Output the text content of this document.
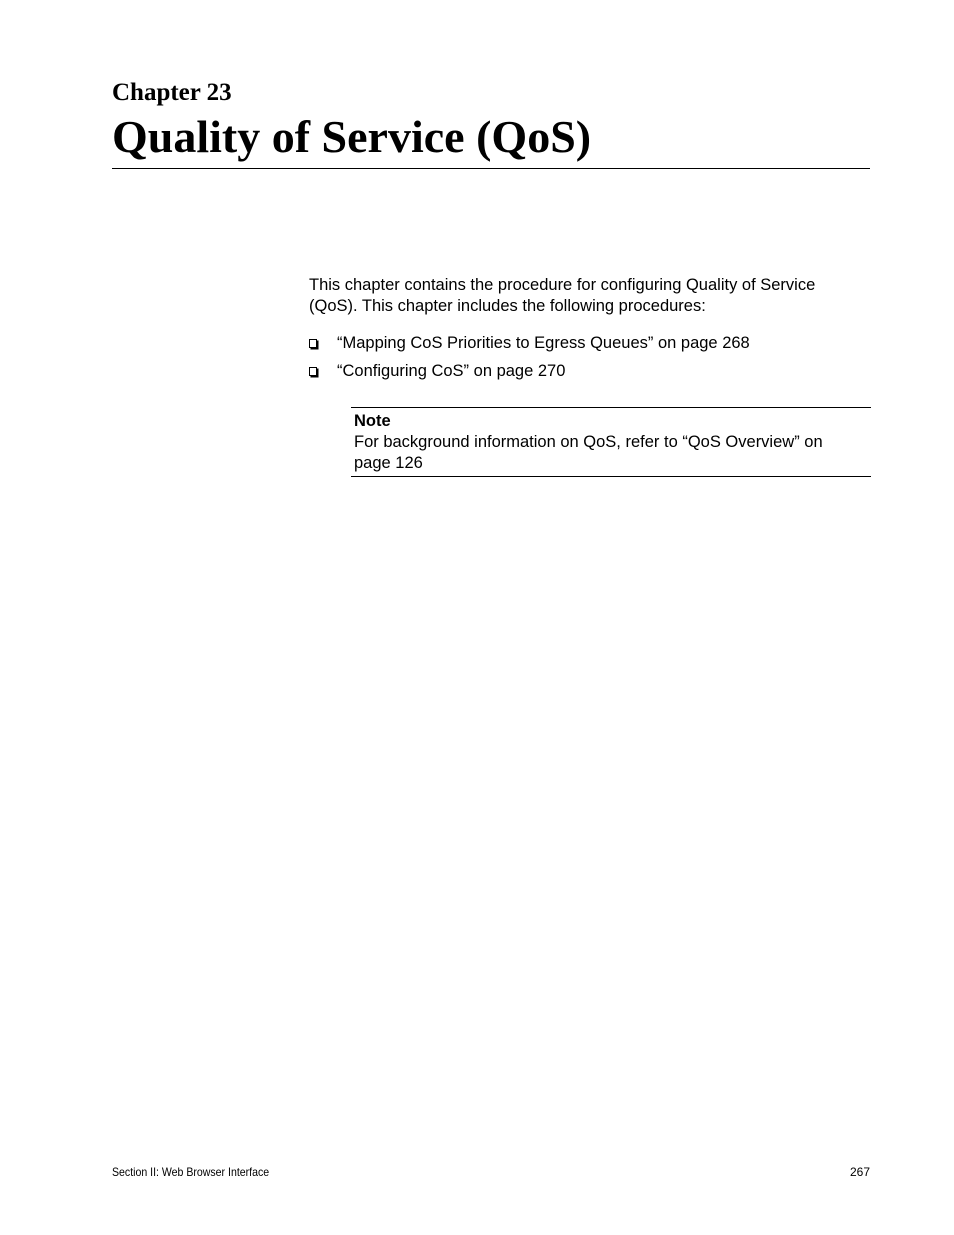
Chapter 23
Quality of Service (QoS)

This chapter contains the procedure for configuring Quality of Service (QoS). This chapter includes the following procedures:

“Mapping CoS Priorities to Egress Queues” on page 268
“Configuring CoS” on page 270
Note
For background information on QoS, refer to “QoS Overview” on page 126
Section II: Web Browser Interface	267
